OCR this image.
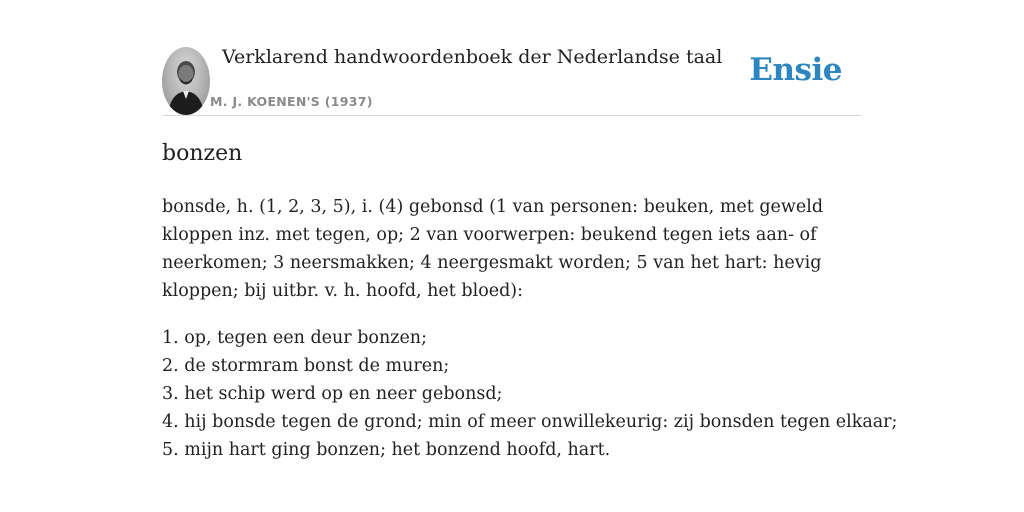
Verklarend handwoordenboek der Nederlandse taal
M. J. KOENEN'S (1937)
Ensie
bonzen

bonsde, h. (1, 2, 3, 5), i. (4) gebonsd (1 van personen: beuken, met geweld kloppen inz. met tegen, op; 2 van voorwerpen: beukend tegen iets aan- of neerkomen; 3 neersmakken; 4 neergesmakt worden; 5 van het hart: hevig kloppen; bij uitbr. v. h. hoofd, het bloed):

1. op, tegen een deur bonzen;
2. de stormram bonst de muren;
3. het schip werd op en neer gebonsd;
4. hij bonsde tegen de grond; min of meer onwillekeurig: zij bonsden tegen elkaar;
5. mijn hart ging bonzen; het bonzend hoofd, hart.
